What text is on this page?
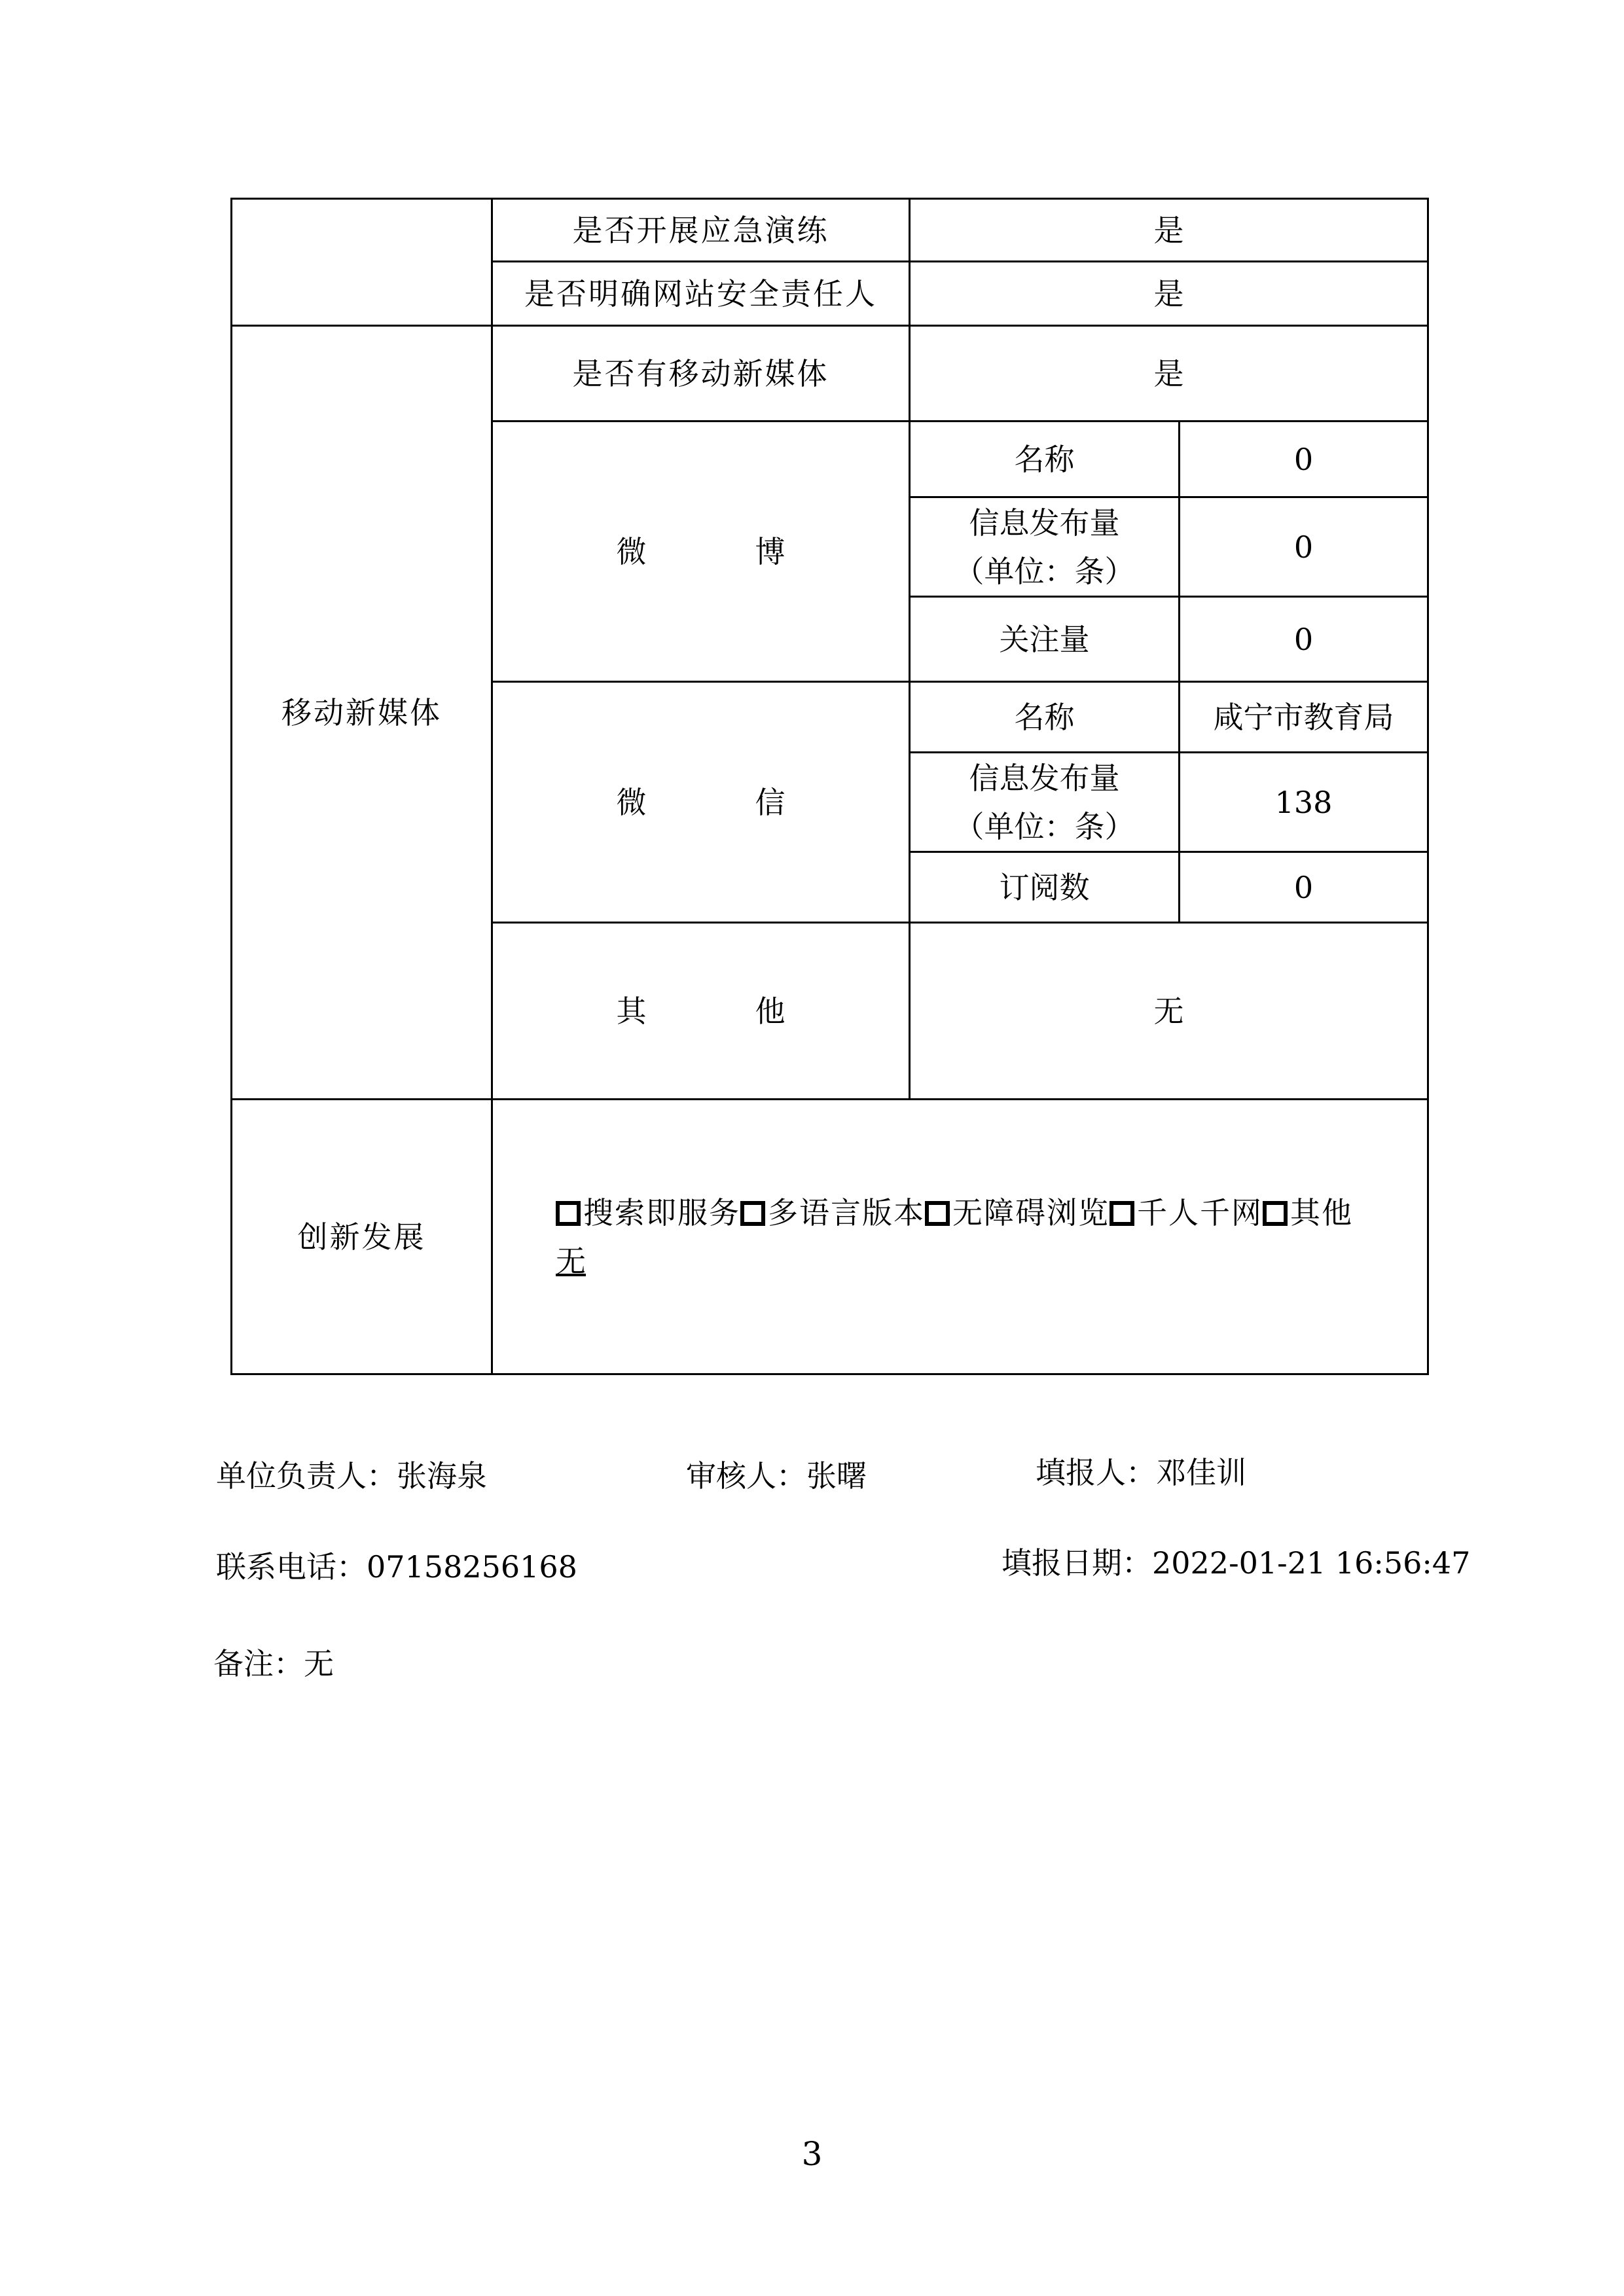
	是否开展应急演练	是	
	是否明确网站安全责任人	是	
移动新媒体	是否有移动新媒体	是	
	微　博	名称	0

		信息发布量
（单位：条）	0
		关注量	0
	微　信	名称	咸宁市教育局

		信息发布量
（单位：条）	138
		订阅数	0
	其　他	无	
创新发展	搜索即服务 多语言版本 无障碍浏览 千人千网 其他
无		
单位负责人：张海泉	审核人：张曙	填报人：邓佳训
联系电话：07158256168	填报日期：2022-01-21 16:56:47
备注：无
3
